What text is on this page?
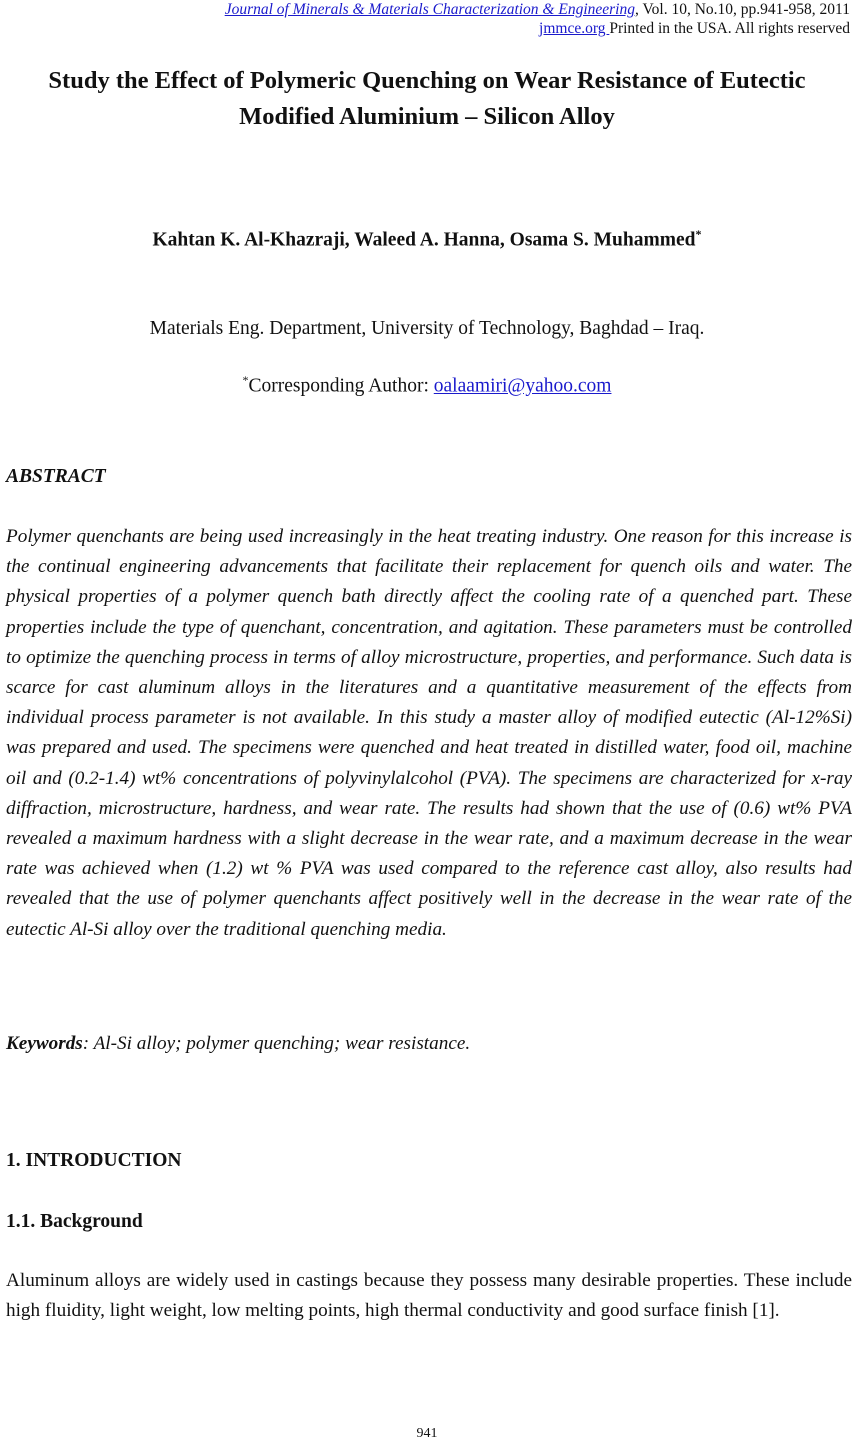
Journal of Minerals & Materials Characterization & Engineering, Vol. 10, No.10, pp.941-958, 2011
jmmce.org Printed in the USA. All rights reserved
Study the Effect of Polymeric Quenching on Wear Resistance of Eutectic Modified Aluminium – Silicon Alloy
Kahtan K. Al-Khazraji, Waleed A. Hanna, Osama S. Muhammed*
Materials Eng. Department, University of Technology, Baghdad – Iraq.
*Corresponding Author: oalaamiri@yahoo.com
ABSTRACT
Polymer quenchants are being used increasingly in the heat treating industry. One reason for this increase is the continual engineering advancements that facilitate their replacement for quench oils and water. The physical properties of a polymer quench bath directly affect the cooling rate of a quenched part. These properties include the type of quenchant, concentration, and agitation. These parameters must be controlled to optimize the quenching process in terms of alloy microstructure, properties, and performance. Such data is scarce for cast aluminum alloys in the literatures and a quantitative measurement of the effects from individual process parameter is not available. In this study a master alloy of modified eutectic (Al-12%Si) was prepared and used. The specimens were quenched and heat treated in distilled water, food oil, machine oil and (0.2-1.4) wt% concentrations of polyvinylalcohol (PVA). The specimens are characterized for x-ray diffraction, microstructure, hardness, and wear rate. The results had shown that the use of (0.6) wt% PVA revealed a maximum hardness with a slight decrease in the wear rate, and a maximum decrease in the wear rate was achieved when (1.2) wt % PVA was used compared to the reference cast alloy, also results had revealed that the use of polymer quenchants affect positively well in the decrease in the wear rate of the eutectic Al-Si alloy over the traditional quenching media.
Keywords: Al-Si alloy; polymer quenching; wear resistance.
1. INTRODUCTION
1.1. Background
Aluminum alloys are widely used in castings because they possess many desirable properties. These include high fluidity, light weight, low melting points, high thermal conductivity and good surface finish [1].
941
